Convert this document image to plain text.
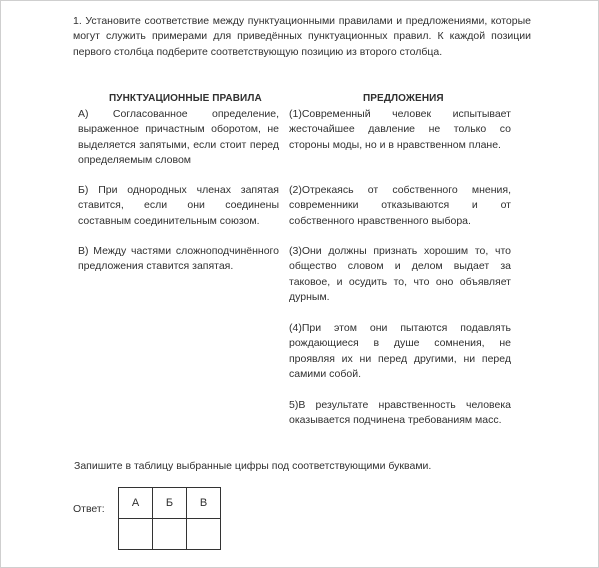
1. Установите соответствие между пунктуационными правилами и предложениями, которые могут служить примерами для приведённых пунктуационных правил. К каждой позиции первого столбца подберите соответствующую позицию из второго столбца.
ПУНКТУАЦИОННЫЕ ПРАВИЛА	ПРЕДЛОЖЕНИЯ
А) Согласованное определение, выраженное причастным оборотом, не выделяется запятыми, если стоит перед определяемым словом
Б) При однородных членах запятая ставится, если они соединены составным соединительным союзом.
В) Между частями сложноподчинённого предложения ставится запятая.
(1)Современный человек испытывает жесточайшее давление не только со стороны моды, но и в нравственном плане.
(2)Отрекаясь от собственного мнения, современники отказываются и от собственного нравственного выбора.
(3)Они должны признать хорошим то, что общество словом и делом выдает за таковое, и осудить то, что оно объявляет дурным.
(4)При этом они пытаются подавлять рождающиеся в душе сомнения, не проявляя их ни перед другими, ни перед самими собой.
5)В результате нравственность человека оказывается подчинена требованиям масс.
Запишите в таблицу выбранные цифры под соответствующими буквами.
Ответ: А	Б	В
